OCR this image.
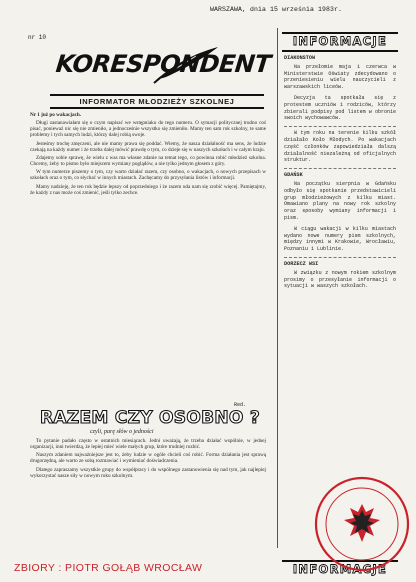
WARSZAWA, dnia 15 września 1983r.
nr 10
KORESPONDENT
INFORMATOR MŁODZIEŻY SZKOLNEJ

Nr 1 już po wakacjach.

Długi zastanawiałam się o czym napisać we wstępniaku do tego numeru. O sytuacji politycznej trudno coś pisać, ponieważ nic się nie zmieniło, a jednocześnie wszystko się zmieniło. Mamy ten sam rok szkolny, te same problemy i tych samych ludzi, którzy dalej robią swoje.

Jesteśmy trochę zmęczeni, ale nie mamy prawa się poddać. Wiemy, że nasza działalność ma sens, że ludzie czekają na każdy numer i że trzeba dalej mówić prawdę o tym, co dzieje się w naszych szkołach i w całym kraju.

Zdajemy sobie sprawę, że wielu z was ma własne zdanie na temat tego, co powinna robić młodzież szkolna. Chcemy, żeby to pismo było miejscem wymiany poglądów, a nie tylko jednym głosem z góry.

W tym numerze piszemy o tym, czy warto działać razem, czy osobno, o wakacjach, o nowych przepisach w szkołach oraz o tym, co słychać w innych miastach. Zachęcamy do przysyłania listów i informacji.

Mamy nadzieję, że ten rok będzie lepszy od poprzedniego i że razem uda nam się zrobić więcej. Pamiętajmy, że każdy z nas może coś zmienić, jeśli tylko zechce.

Red.
RAZEM CZY OSOBNO ?
czyli, parę słów o jedności

To pytanie padało często w ostatnich miesiącach. Jedni uważają, że trzeba działać wspólnie, w jednej organizacji, inni twierdzą, że lepiej mieć wiele małych grup, które trudniej rozbić.

Naszym zdaniem najważniejsze jest to, żeby ludzie w ogóle chcieli coś robić. Forma działania jest sprawą drugorzędną, ale warto ze sobą rozmawiać i wymieniać doświadczenia.

Dlatego zapraszamy wszystkie grupy do współpracy i do wspólnego zastanowienia się nad tym, jak najlepiej wykorzystać nasze siły w nowym roku szkolnym.

INFORMACJE
DIAKONSTOW

Na przełomie maja i czerwca w Ministerstwie Oświaty zdecydowano o przeniesieniu wielu nauczycieli z warszawskich liceów.

Decyzja ta spotkała się z protestem uczniów i rodziców, którzy zbierali podpisy pod listem w obronie swoich wychowawców.

W tym roku na terenie kilku szkół działało Koło Młodych. Po wakacjach część członków zapowiedziała dalszą działalność niezależną od oficjalnych struktur.

GDAŃSK

Na początku sierpnia w Gdańsku odbyło się spotkanie przedstawicieli grup młodzieżowych z kilku miast. Omawiano plany na nowy rok szkolny oraz sposoby wymiany informacji i pism.

W ciągu wakacji w kilku miastach wydano nowe numery pism szkolnych, między innymi w Krakowie, Wrocławiu, Poznaniu i Lublinie.

DORZECZ WSI

W związku z nowym rokiem szkolnym prosimy o przesyłanie informacji o sytuacji w waszych szkołach.

INFORMACJE
ZBIORY : PIOTR GOŁĄB WROCŁAW
